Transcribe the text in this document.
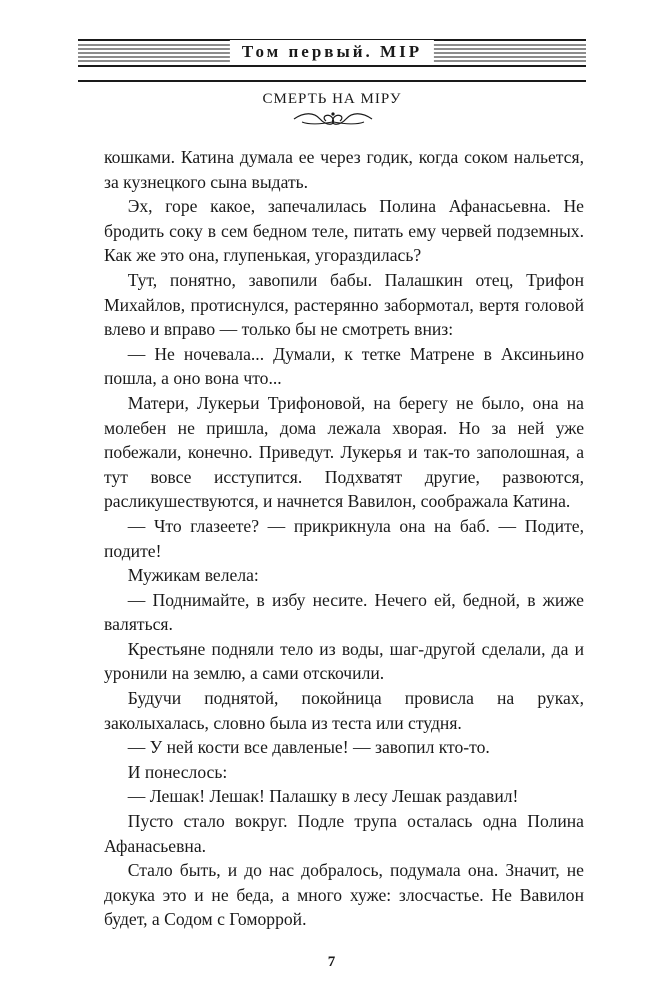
Том первый. МІР
СМЕРТЬ НА МІРУ

кошками. Катина думала ее через годик, когда соком нальется, за кузнецкого сына выдать.

Эх, горе какое, запечалилась Полина Афанасьевна. Не бродить соку в сем бедном теле, питать ему червей подземных. Как же это она, глупенькая, угораздилась?

Тут, понятно, завопили бабы. Палашкин отец, Трифон Михайлов, протиснулся, растерянно забормотал, вертя головой влево и вправо — только бы не смотреть вниз:

— Не ночевала... Думали, к тетке Матрене в Аксиньино пошла, а оно вона что...

Матери, Лукерьи Трифоновой, на берегу не было, она на молебен не пришла, дома лежала хворая. Но за ней уже побежали, конечно. Приведут. Лукерья и так-то заполошная, а тут вовсе исступится. Подхватят другие, развоются, расликушествуются, и начнется Вавилон, соображала Катина.

— Что глазеете? — прикрикнула она на баб. — Подите, подите!

Мужикам велела:

— Поднимайте, в избу несите. Нечего ей, бедной, в жиже валяться.

Крестьяне подняли тело из воды, шаг-другой сделали, да и уронили на землю, а сами отскочили.

Будучи поднятой, покойница провисла на руках, заколыхалась, словно была из теста или студня.

— У ней кости все давленые! — завопил кто-то.

И понеслось:

— Лешак! Лешак! Палашку в лесу Лешак раздавил!

Пусто стало вокруг. Подле трупа осталась одна Полина Афанасьевна.

Стало быть, и до нас добралось, подумала она. Значит, не докука это и не беда, а много хуже: злосчастье. Не Вавилон будет, а Содом с Гоморрой.

7
